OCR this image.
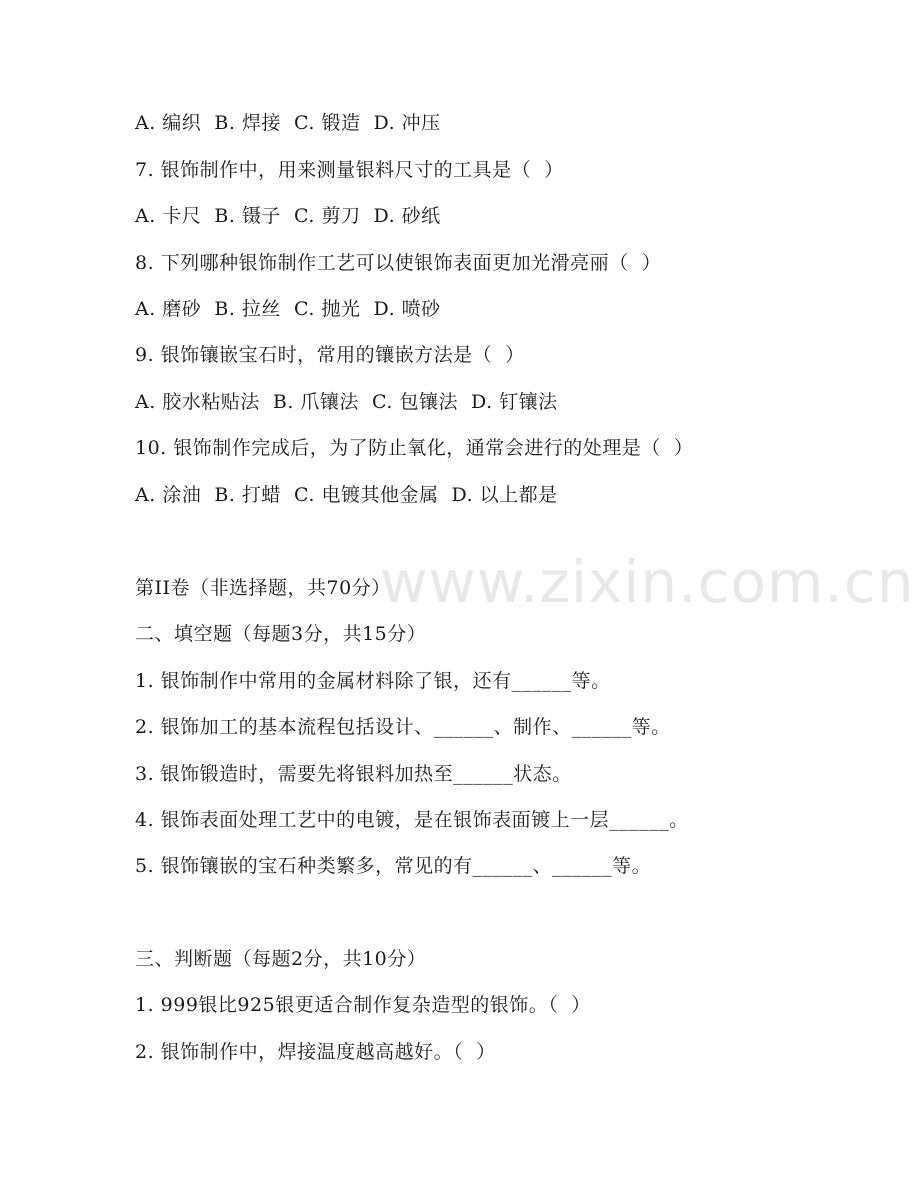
A. 编织  B. 焊接  C. 锻造  D. 冲压
7. 银饰制作中，用来测量银料尺寸的工具是（  ）
A. 卡尺  B. 镊子  C. 剪刀  D. 砂纸
8. 下列哪种银饰制作工艺可以使银饰表面更加光滑亮丽（  ）
A. 磨砂  B. 拉丝  C. 抛光  D. 喷砂
9. 银饰镶嵌宝石时，常用的镶嵌方法是（  ）
A. 胶水粘贴法  B. 爪镶法  C. 包镶法  D. 钉镶法
10. 银饰制作完成后，为了防止氧化，通常会进行的处理是（  ）
A. 涂油  B. 打蜡  C. 电镀其他金属  D. 以上都是
第II卷（非选择题，共70分）
二、填空题（每题3分，共15分）
1. 银饰制作中常用的金属材料除了银，还有______等。
2. 银饰加工的基本流程包括设计、______、制作、______等。
3. 银饰锻造时，需要先将银料加热至______状态。
4. 银饰表面处理工艺中的电镀，是在银饰表面镀上一层______。
5. 银饰镶嵌的宝石种类繁多，常见的有______、______等。
三、判断题（每题2分，共10分）
1. 999银比925银更适合制作复杂造型的银饰。（  ）
2. 银饰制作中，焊接温度越高越好。（  ）
www.zixin.com.cn
